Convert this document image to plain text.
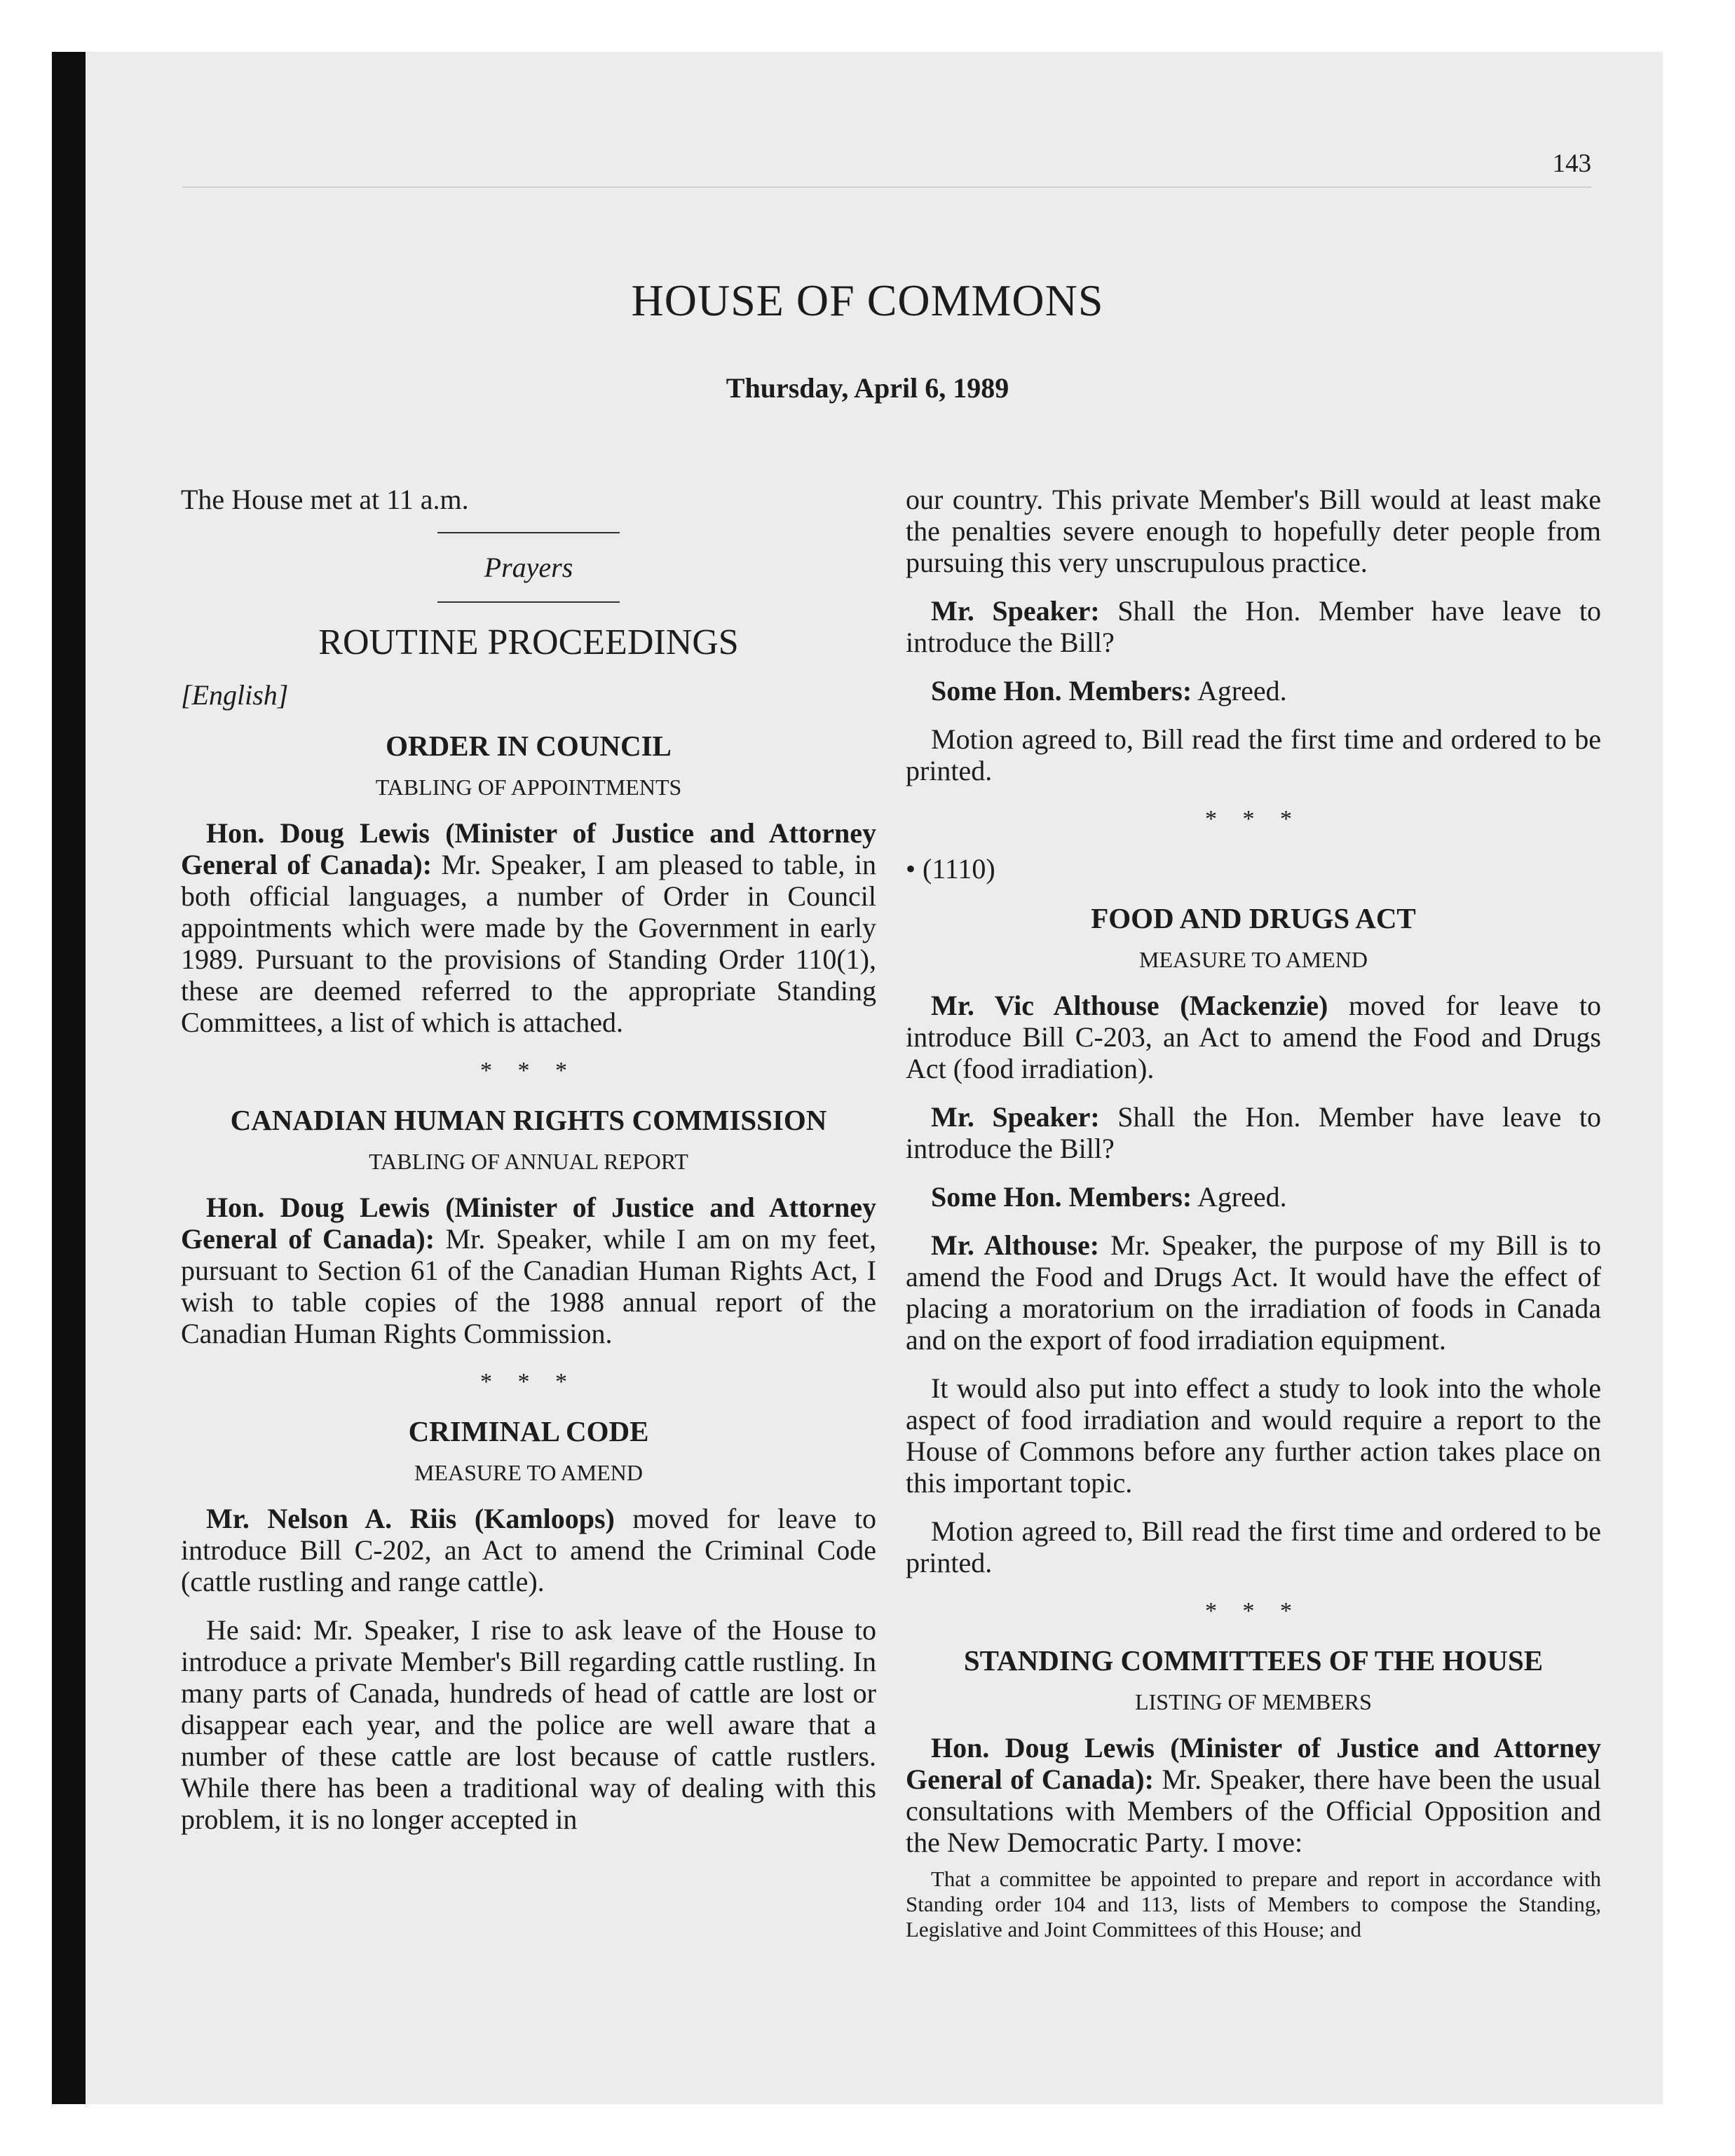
143
HOUSE OF COMMONS
Thursday, April 6, 1989

The House met at 11 a.m.

Prayers
ROUTINE PROCEEDINGS
[English]
ORDER IN COUNCIL
TABLING OF APPOINTMENTS

Hon. Doug Lewis (Minister of Justice and Attorney General of Canada): Mr. Speaker, I am pleased to table, in both official languages, a number of Order in Council appointments which were made by the Government in early 1989. Pursuant to the provisions of Standing Order 110(1), these are deemed referred to the appropriate Standing Committees, a list of which is attached.

* * *
CANADIAN HUMAN RIGHTS COMMISSION
TABLING OF ANNUAL REPORT

Hon. Doug Lewis (Minister of Justice and Attorney General of Canada): Mr. Speaker, while I am on my feet, pursuant to Section 61 of the Canadian Human Rights Act, I wish to table copies of the 1988 annual report of the Canadian Human Rights Commission.

* * *
CRIMINAL CODE
MEASURE TO AMEND

Mr. Nelson A. Riis (Kamloops) moved for leave to introduce Bill C-202, an Act to amend the Criminal Code (cattle rustling and range cattle).

He said: Mr. Speaker, I rise to ask leave of the House to introduce a private Member's Bill regarding cattle rustling. In many parts of Canada, hundreds of head of cattle are lost or disappear each year, and the police are well aware that a number of these cattle are lost because of cattle rustlers. While there has been a traditional way of dealing with this problem, it is no longer accepted in

our country. This private Member's Bill would at least make the penalties severe enough to hopefully deter people from pursuing this very unscrupulous practice.

Mr. Speaker: Shall the Hon. Member have leave to introduce the Bill?

Some Hon. Members: Agreed.

Motion agreed to, Bill read the first time and ordered to be printed.

* * *
• (1110)
FOOD AND DRUGS ACT
MEASURE TO AMEND

Mr. Vic Althouse (Mackenzie) moved for leave to introduce Bill C-203, an Act to amend the Food and Drugs Act (food irradiation).

Mr. Speaker: Shall the Hon. Member have leave to introduce the Bill?

Some Hon. Members: Agreed.

Mr. Althouse: Mr. Speaker, the purpose of my Bill is to amend the Food and Drugs Act. It would have the effect of placing a moratorium on the irradiation of foods in Canada and on the export of food irradiation equipment.

It would also put into effect a study to look into the whole aspect of food irradiation and would require a report to the House of Commons before any further action takes place on this important topic.

Motion agreed to, Bill read the first time and ordered to be printed.

* * *
STANDING COMMITTEES OF THE HOUSE
LISTING OF MEMBERS

Hon. Doug Lewis (Minister of Justice and Attorney General of Canada): Mr. Speaker, there have been the usual consultations with Members of the Official Opposition and the New Democratic Party. I move:

That a committee be appointed to prepare and report in accordance with Standing order 104 and 113, lists of Members to compose the Standing, Legislative and Joint Committees of this House; and
